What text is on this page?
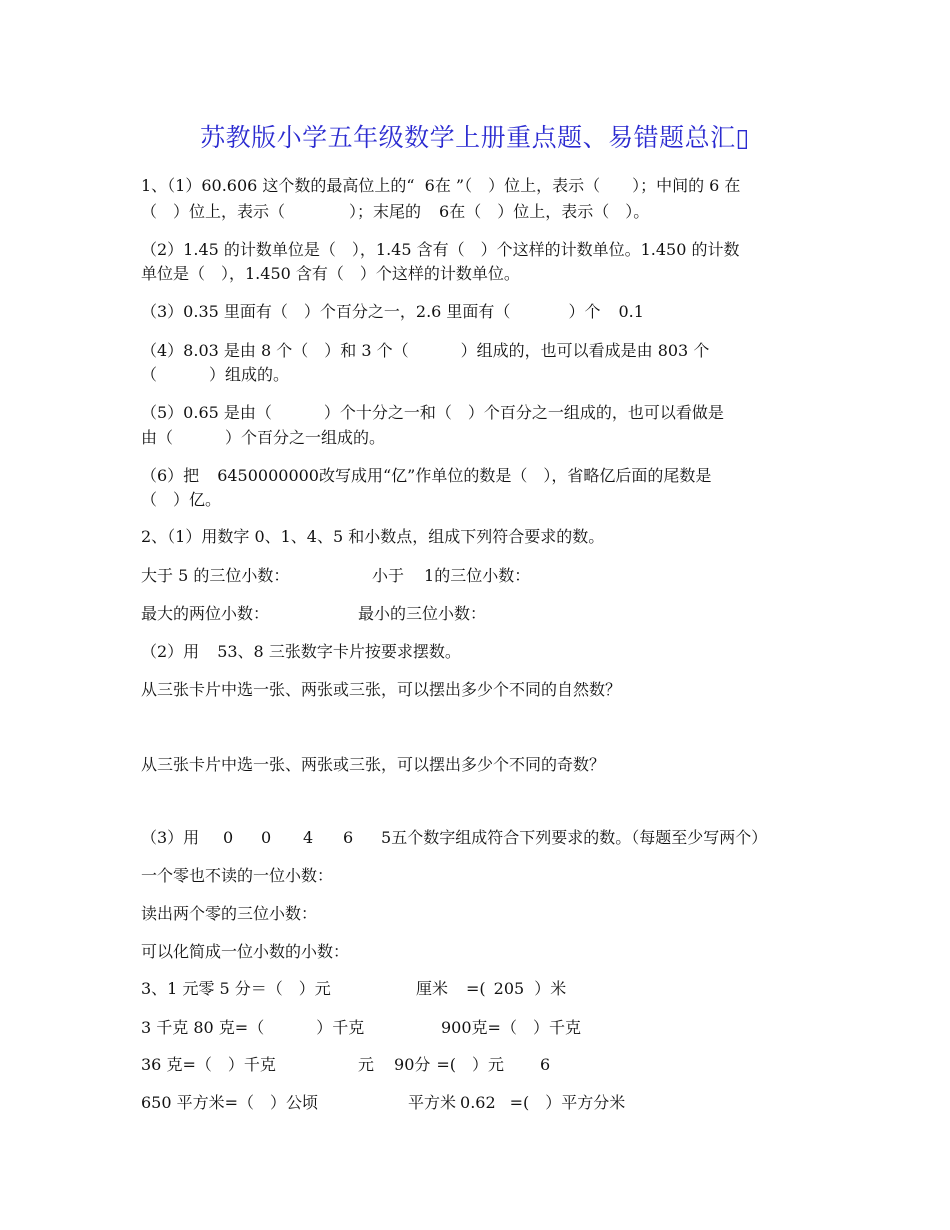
苏教版小学五年级数学上册重点题、易错题总汇▯
1、（1）60.606 这个数的最高位上的“ 6在 ”（　）位上，表示（　　）；中间的 6 在
（　）位上，表示（　　　　）；末尾的 6在（　）位上，表示（　）。
（2）1.45 的计数单位是（　），1.45 含有（　）个这样的计数单位。1.450 的计数
单位是（　），1.450 含有（　）个这样的计数单位。
（3）0.35 里面有（　）个百分之一，2.6 里面有（	）个 0.1
（4）8.03 是由 8 个（　）和 3 个（	）组成的，也可以看成是由 803 个
（	）组成的。
（5）0.65 是由（	）个十分之一和（　）个百分之一组成的，也可以看做是
由（	）个百分之一组成的。
（6）把 6450000000改写成用“亿”作单位的数是（　），省略亿后面的尾数是
（　）亿。
2、（1）用数字 0、1、4、5 和小数点，组成下列符合要求的数。
大于 5 的三位小数：	小于 1的三位小数：
最大的两位小数：	最小的三位小数：
（2）用 53、8 三张数字卡片按要求摆数。
从三张卡片中选一张、两张或三张，可以摆出多少个不同的自然数？
从三张卡片中选一张、两张或三张，可以摆出多少个不同的奇数？
（3）用 0 0 4 6 5五个数字组成符合下列要求的数。（每题至少写两个）
一个零也不读的一位小数：
读出两个零的三位小数：
可以化简成一位小数的小数：
3、1 元零 5 分＝（　）元	厘米 =( 205 ）米
3 千克 80 克=（	）千克	900克=（　）千克
36 克=（　）千克	元 90分 =(　）元 6
650 平方米=（　）公顷	平方米 0.62 =(　）平方分米
